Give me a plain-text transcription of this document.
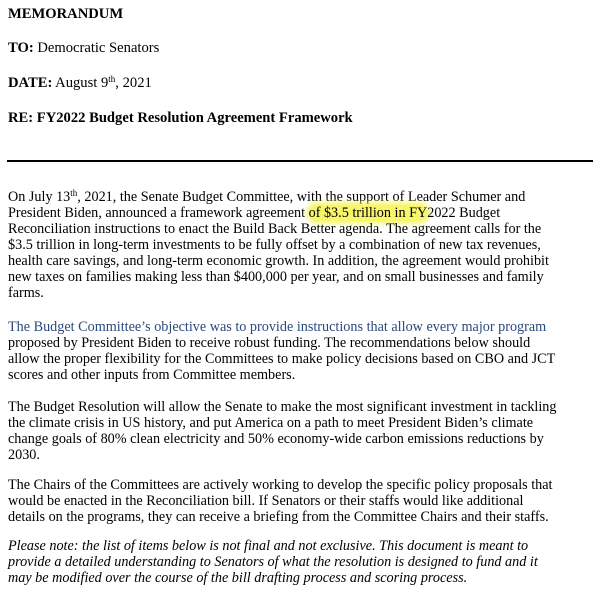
MEMORANDUM
TO: Democratic Senators
DATE: August 9th, 2021
RE: FY2022 Budget Resolution Agreement Framework
On July 13th, 2021, the Senate Budget Committee, with the support of Leader Schumer and
President Biden, announced a framework agreement of $3.5 trillion in FY2022 Budget
Reconciliation instructions to enact the Build Back Better agenda. The agreement calls for the
$3.5 trillion in long-term investments to be fully offset by a combination of new tax revenues,
health care savings, and long-term economic growth. In addition, the agreement would prohibit
new taxes on families making less than $400,000 per year, and on small businesses and family
farms.
The Budget Committee’s objective was to provide instructions that allow every major program
proposed by President Biden to receive robust funding. The recommendations below should
allow the proper flexibility for the Committees to make policy decisions based on CBO and JCT
scores and other inputs from Committee members.
The Budget Resolution will allow the Senate to make the most significant investment in tackling
the climate crisis in US history, and put America on a path to meet President Biden’s climate
change goals of 80% clean electricity and 50% economy-wide carbon emissions reductions by
2030.
The Chairs of the Committees are actively working to develop the specific policy proposals that
would be enacted in the Reconciliation bill. If Senators or their staffs would like additional
details on the programs, they can receive a briefing from the Committee Chairs and their staffs.
Please note: the list of items below is not final and not exclusive. This document is meant to
provide a detailed understanding to Senators of what the resolution is designed to fund and it
may be modified over the course of the bill drafting process and scoring process.
